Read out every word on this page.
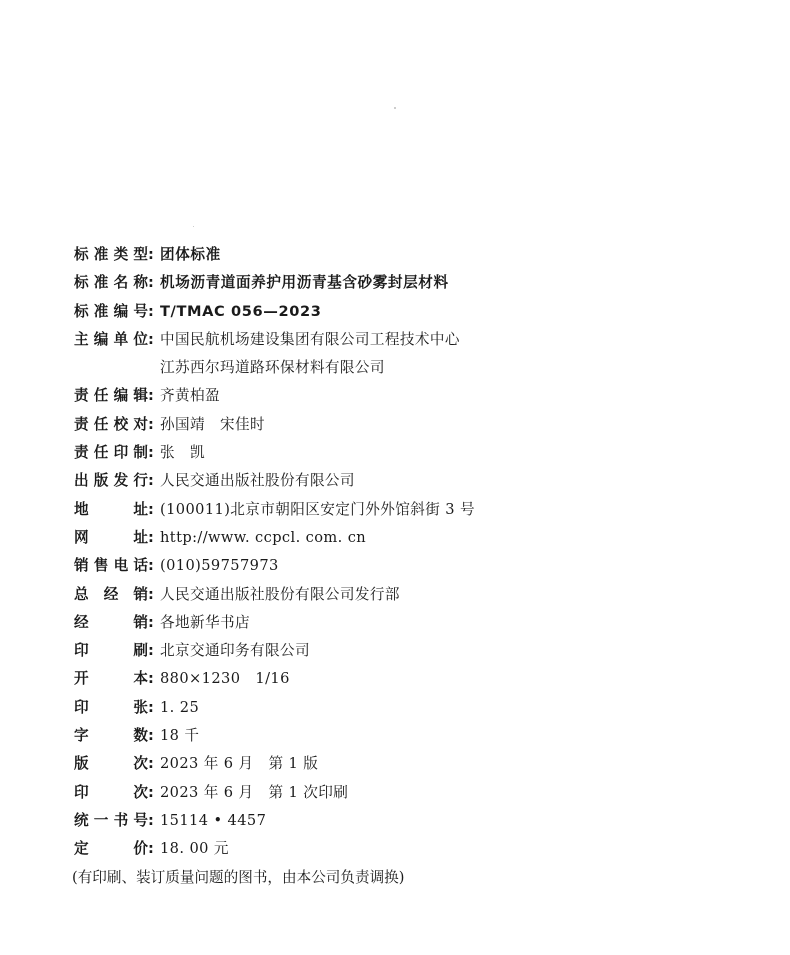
标准类型: 团体标准
标准名称: 机场沥青道面养护用沥青基含砂雾封层材料
标准编号: T/TMAC 056—2023
主编单位: 中国民航机场建设集团有限公司工程技术中心
江苏西尔玛道路环保材料有限公司
责任编辑: 齐黄柏盈
责任校对: 孙国靖　宋佳时
责任印制: 张　凯
出版发行: 人民交通出版社股份有限公司
地　　址: (100011)北京市朝阳区安定门外外馆斜街 3 号
网　　址: http://www. ccpcl. com. cn
销售电话: (010)59757973
总 经 销: 人民交通出版社股份有限公司发行部
经　　销: 各地新华书店
印　　刷: 北京交通印务有限公司
开　　本: 880×1230　1/16
印　　张: 1. 25
字　　数: 18 千
版　　次: 2023 年 6 月　第 1 版
印　　次: 2023 年 6 月　第 1 次印刷
统一书号: 15114 • 4457
定　　价: 18. 00 元
(有印刷、装订质量问题的图书，由本公司负责调换)
